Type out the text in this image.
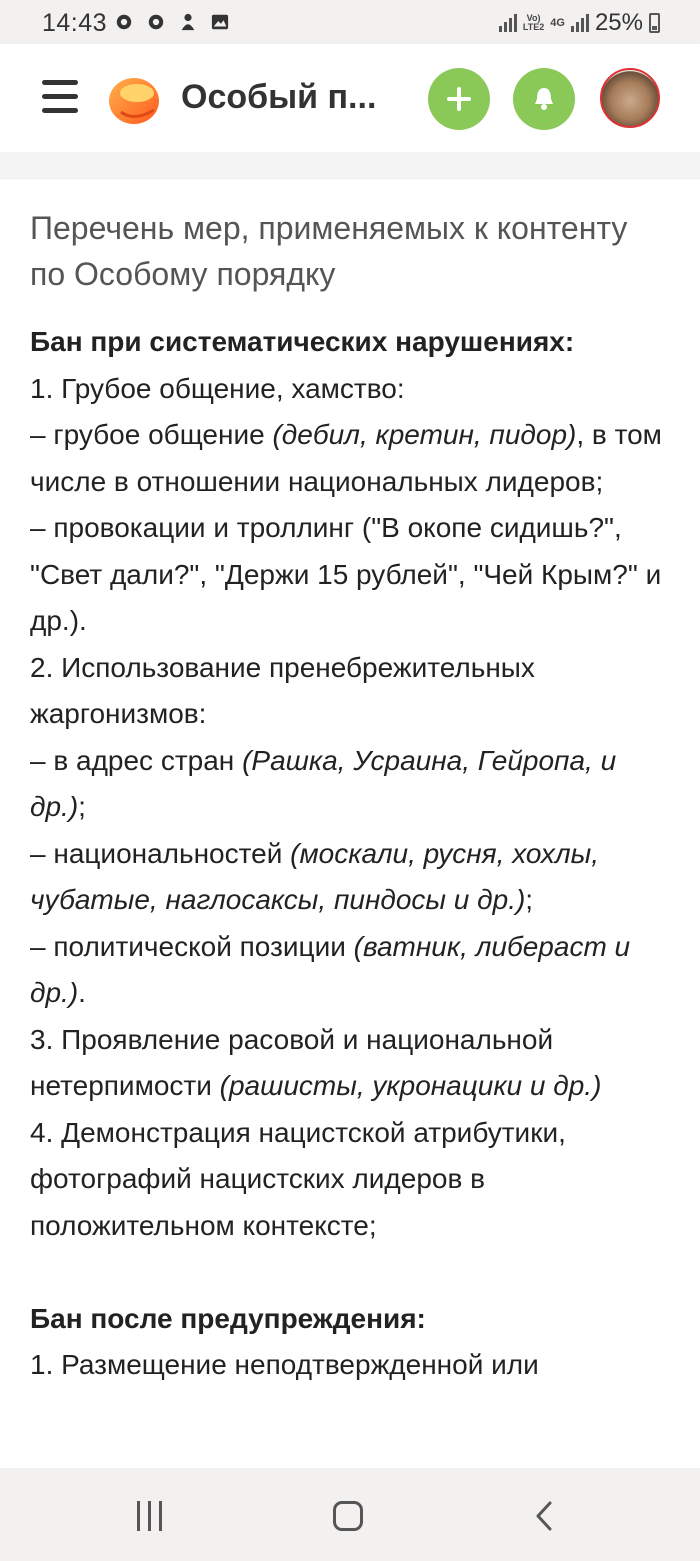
14:43	Vo)
LTE2 4G 25%
Особый п...
Перечень мер, применяемых к контенту по Особому порядку

Бан при систематических нарушениях:

1. Грубое общение, хамство:

– грубое общение (дебил, кретин, пидор), в том числе в отношении национальных лидеров;

– провокации и троллинг ("В окопе сидишь?", "Свет дали?", "Держи 15 рублей", "Чей Крым?" и др.).

2. Использование пренебрежительных жаргонизмов:

– в адрес стран (Рашка, Усраина, Гейропа, и др.);

– национальностей (москали, русня, хохлы, чубатые, наглосаксы, пиндосы и др.);

– политической позиции (ватник, либераст и др.).

3. Проявление расовой и национальной нетерпимости (рашисты, укронацики и др.)

4. Демонстрация нацистской атрибутики, фотографий нацистских лидеров в положительном контексте;

Бан после предупреждения:

1. Размещение неподтвержденной или
